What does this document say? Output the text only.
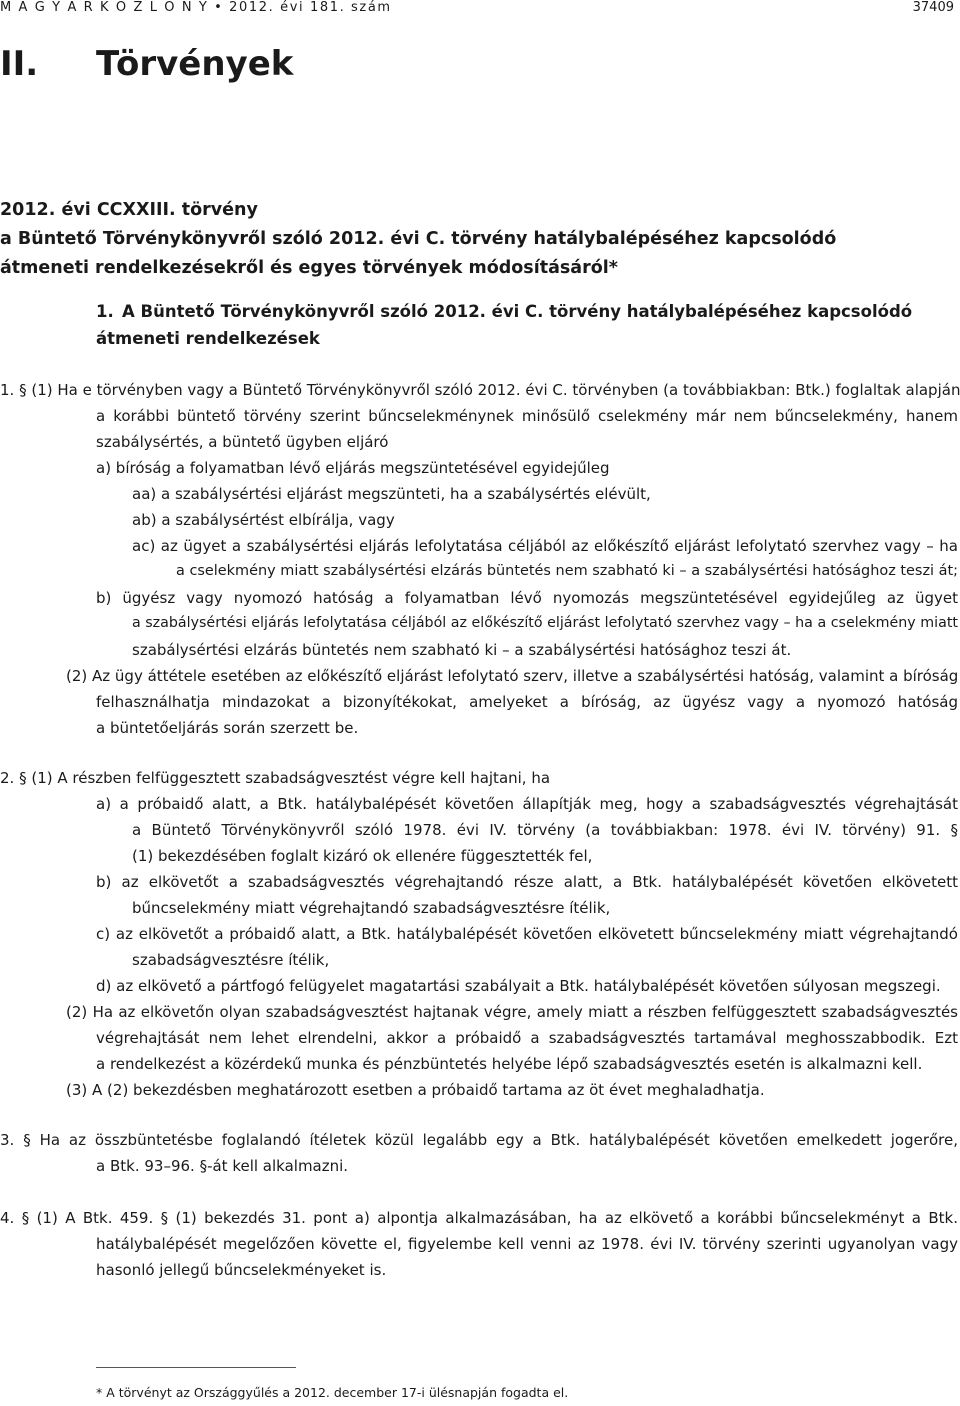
M A G Y A R K Ö Z L Ö N Y • 2012. évi 181. szám	37409
II. Törvények
2012. évi CCXXIII. törvény
a Büntető Törvénykönyvről szóló 2012. évi C. törvény hatálybalépéséhez kapcsolódó
átmeneti rendelkezésekről és egyes törvények módosításáról*
1. A Büntető Törvénykönyvről szóló 2012. évi C. törvény hatálybalépéséhez kapcsolódó
átmeneti rendelkezések
1. § (1) Ha e törvényben vagy a Büntető Törvénykönyvről szóló 2012. évi C. törvényben (a továbbiakban: Btk.) foglaltak alapján
a korábbi büntető törvény szerint bűncselekménynek minősülő cselekmény már nem bűncselekmény, hanem
szabálysértés, a büntető ügyben eljáró
a) bíróság a folyamatban lévő eljárás megszüntetésével egyidejűleg
aa) a szabálysértési eljárást megszünteti, ha a szabálysértés elévült,
ab) a szabálysértést elbírálja, vagy
ac) az ügyet a szabálysértési eljárás lefolytatása céljából az előkészítő eljárást lefolytató szervhez vagy – ha
a cselekmény miatt szabálysértési elzárás büntetés nem szabható ki – a szabálysértési hatósághoz teszi át;
b) ügyész vagy nyomozó hatóság a folyamatban lévő nyomozás megszüntetésével egyidejűleg az ügyet
a szabálysértési eljárás lefolytatása céljából az előkészítő eljárást lefolytató szervhez vagy – ha a cselekmény miatt
szabálysértési elzárás büntetés nem szabható ki – a szabálysértési hatósághoz teszi át.
(2) Az ügy áttétele esetében az előkészítő eljárást lefolytató szerv, illetve a szabálysértési hatóság, valamint a bíróság
felhasználhatja mindazokat a bizonyítékokat, amelyeket a bíróság, az ügyész vagy a nyomozó hatóság
a büntetőeljárás során szerzett be.
2. § (1) A részben felfüggesztett szabadságvesztést végre kell hajtani, ha
a) a próbaidő alatt, a Btk. hatálybalépését követően állapítják meg, hogy a szabadságvesztés végrehajtását
a Büntető Törvénykönyvről szóló 1978. évi IV. törvény (a továbbiakban: 1978. évi IV. törvény) 91. §
(1) bekezdésében foglalt kizáró ok ellenére függesztették fel,
b) az elkövetőt a szabadságvesztés végrehajtandó része alatt, a Btk. hatálybalépését követően elkövetett
bűncselekmény miatt végrehajtandó szabadságvesztésre ítélik,
c) az elkövetőt a próbaidő alatt, a Btk. hatálybalépését követően elkövetett bűncselekmény miatt végrehajtandó
szabadságvesztésre ítélik,
d) az elkövető a pártfogó felügyelet magatartási szabályait a Btk. hatálybalépését követően súlyosan megszegi.
(2) Ha az elkövetőn olyan szabadságvesztést hajtanak végre, amely miatt a részben felfüggesztett szabadságvesztés
végrehajtását nem lehet elrendelni, akkor a próbaidő a szabadságvesztés tartamával meghosszabbodik. Ezt
a rendelkezést a közérdekű munka és pénzbüntetés helyébe lépő szabadságvesztés esetén is alkalmazni kell.
(3) A (2) bekezdésben meghatározott esetben a próbaidő tartama az öt évet meghaladhatja.
3. § Ha az összbüntetésbe foglalandó ítéletek közül legalább egy a Btk. hatálybalépését követően emelkedett jogerőre,
a Btk. 93–96. §-át kell alkalmazni.
4. § (1) A Btk. 459. § (1) bekezdés 31. pont a) alpontja alkalmazásában, ha az elkövető a korábbi bűncselekményt a Btk.
hatálybalépését megelőzően követte el, figyelembe kell venni az 1978. évi IV. törvény szerinti ugyanolyan vagy
hasonló jellegű bűncselekményeket is.
* A törvényt az Országgyűlés a 2012. december 17-i ülésnapján fogadta el.
